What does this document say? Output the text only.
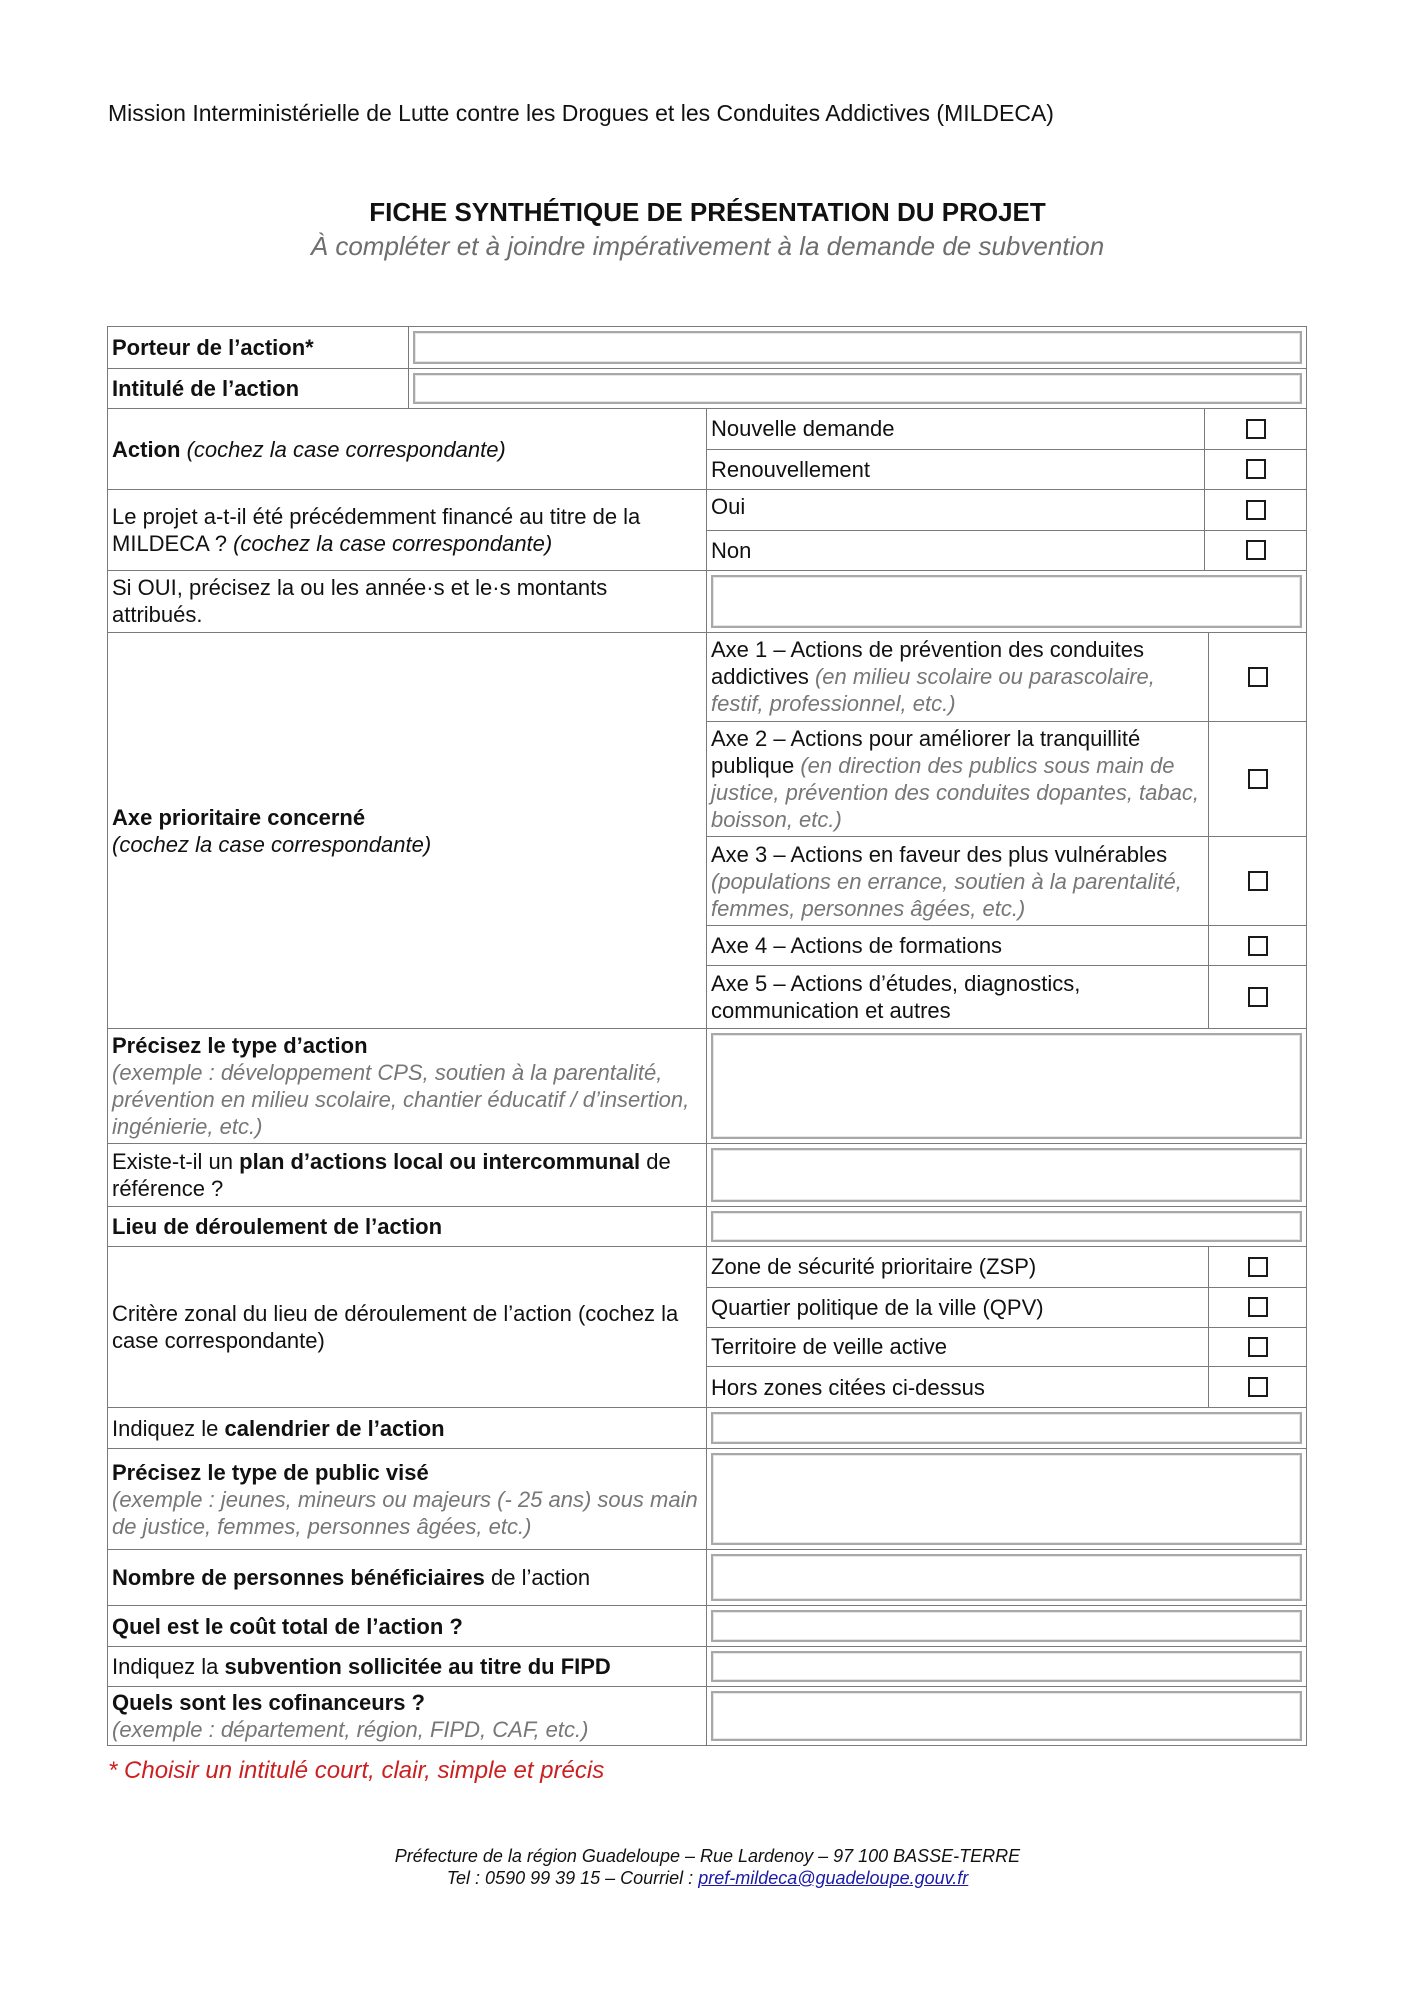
Mission Interministérielle de Lutte contre les Drogues et les Conduites Addictives (MILDECA)
FICHE SYNTHÉTIQUE DE PRÉSENTATION DU PROJET
À compléter et à joindre impérativement à la demande de subvention
Porteur de l’action*
Intitulé de l’action
Action (cochez la case correspondante)
Nouvelle demande
Renouvellement
Le projet a-t-il été précédemment financé au titre de la MILDECA ? (cochez la case correspondante)
Oui
Non
Si OUI, précisez la ou les année·s et le·s montants attribués.
Axe prioritaire concerné
(cochez la case correspondante)
Axe 1 – Actions de prévention des conduites addictives (en milieu scolaire ou parascolaire, festif, professionnel, etc.)
Axe 2 – Actions pour améliorer la tranquillité publique (en direction des publics sous main de justice, prévention des conduites dopantes, tabac, boisson, etc.)
Axe 3 – Actions en faveur des plus vulnérables (populations en errance, soutien à la parentalité, femmes, personnes âgées, etc.)
Axe 4 – Actions de formations
Axe 5 – Actions d’études, diagnostics, communication et autres
Précisez le type d’action
(exemple : développement CPS, soutien à la parentalité, prévention en milieu scolaire, chantier éducatif / d’insertion, ingénierie, etc.)
Existe-t-il un plan d’actions local ou intercommunal de référence ?
Lieu de déroulement de l’action
Critère zonal du lieu de déroulement de l’action (cochez la case correspondante)
Zone de sécurité prioritaire (ZSP)
Quartier politique de la ville (QPV)
Territoire de veille active
Hors zones citées ci-dessus
Indiquez le calendrier de l’action
Précisez le type de public visé
(exemple : jeunes, mineurs ou majeurs (- 25 ans) sous main de justice, femmes, personnes âgées, etc.)
Nombre de personnes bénéficiaires de l’action
Quel est le coût total de l’action ?
Indiquez la subvention sollicitée au titre du FIPD
Quels sont les cofinanceurs ?
(exemple : département, région, FIPD, CAF, etc.)
* Choisir un intitulé court, clair, simple et précis
Préfecture de la région Guadeloupe – Rue Lardenoy – 97 100 BASSE-TERRE
Tel : 0590 99 39 15 – Courriel : pref-mildeca@guadeloupe.gouv.fr
